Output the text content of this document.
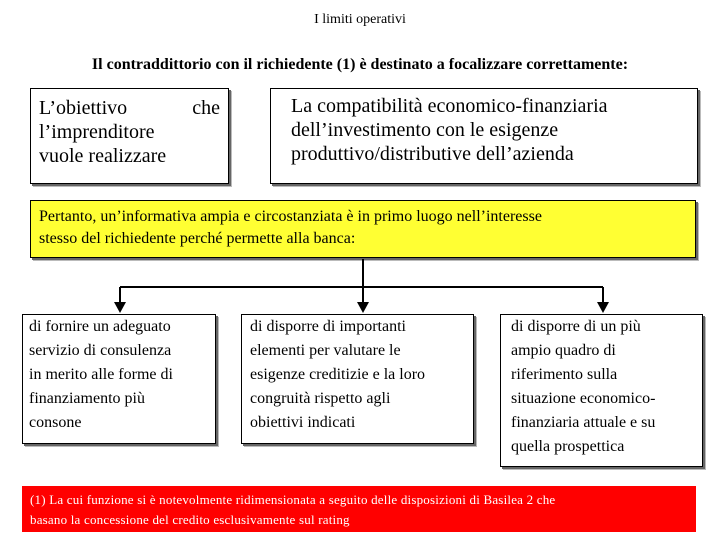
I limiti operativi
Il contraddittorio con il richiedente (1) è destinato a focalizzare correttamente:
L’obiettivo	che
l’imprenditore
vuole realizzare
La compatibilità economico-finanziaria
dell’investimento con le esigenze
produttivo/distributive dell’azienda
Pertanto, un’informativa ampia e circostanziata è in primo luogo nell’interesse
stesso del richiedente perché permette alla banca:
di fornire un adeguato
servizio di consulenza
in merito alle forme di
finanziamento più
consone
di disporre di importanti
elementi per valutare le
esigenze creditizie e la loro
congruità rispetto agli
obiettivi indicati
di disporre di un più
ampio quadro di
riferimento sulla
situazione economico-
finanziaria attuale e su
quella prospettica
(1) La cui funzione si è notevolmente ridimensionata a seguito delle disposizioni di Basilea 2 che
basano la concessione del credito esclusivamente sul rating
